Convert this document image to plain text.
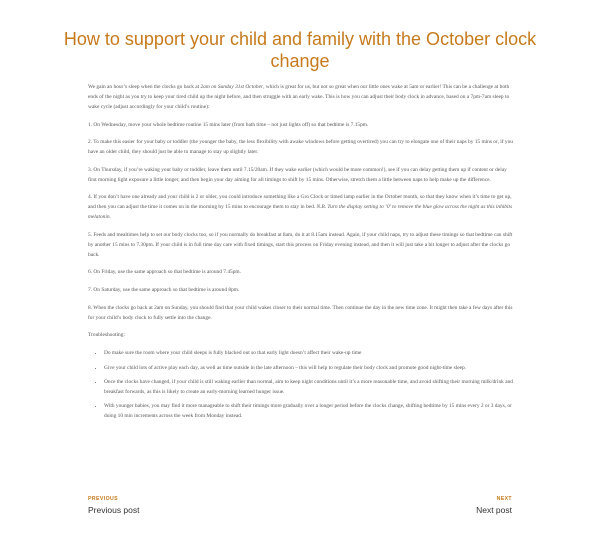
How to support your child and family with the October clock change

We gain an hour’s sleep when the clocks go back at 2am on Sunday 31st October, which is great for us, but not so great when our little ones wake at 5am or earlier! This can be a challenge at both ends of the night as you try to keep your tired child up the night before, and then struggle with an early wake. This is how you can adjust their body clock in advance, based on a 7pm-7am sleep to wake cycle (adjust accordingly for your child’s routine):

1. On Wednesday, move your whole bedtime routine 15 mins later (from bath time – not just lights off) so that bedtime is 7.15pm.

2. To make this easier for your baby or toddler (the younger the baby, the less flexibility with awake windows before getting overtired) you can try to elongate one of their naps by 15 mins or, if you have an older child, they should just be able to manage to stay up slightly later.

3. On Thursday, if you’re waking your baby or toddler, leave them until 7.15/20am. If they wake earlier (which would be more common!), see if you can delay getting them up if content or delay first morning light exposure a little longer, and then begin your day aiming for all timings to shift by 15 mins. Otherwise, stretch them a little between naps to help make up the difference.

4. If you don’t have one already and your child is 2 or older, you could introduce something like a Gro Clock or timed lamp earlier in the October month, so that they know when it’s time to get up, and then you can adjust the time it comes on in the morning by 15 mins to encourage them to stay in bed. N.B. Turn the display setting to ‘0’ to remove the blue glow across the night as this inhibits melatonin.

5. Feeds and mealtimes help to set our body clocks too, so if you normally do breakfast at 8am, do it at 8.15am instead. Again, if your child naps, try to adjust these timings so that bedtime can shift by another 15 mins to 7.30pm. If your child is in full time day care with fixed timings, start this process on Friday evening instead, and then it will just take a bit longer to adjust after the clocks go back.

6. On Friday, use the same approach so that bedtime is around 7.45pm.

7. On Saturday, use the same approach so that bedtime is around 8pm.

8. When the clocks go back at 2am on Sunday, you should find that your child wakes closer to their normal time. Then continue the day in the new time zone. It might then take a few days after this for your child’s body clock to fully settle into the change.

Troubleshooting:

• Do make sure the room where your child sleeps is fully blacked out so that early light doesn’t affect their wake-up time
• Give your child lots of active play each day, as well as time outside in the late afternoon – this will help to regulate their body clock and promote good night-time sleep.
• Once the clocks have changed, if your child is still waking earlier than normal, aim to keep night conditions until it’s a more reasonable time, and avoid shifting their morning milk/drink and breakfast forwards, as this is likely to create an early-morning learned hunger issue.
• With younger babies, you may find it more manageable to shift their timings more gradually over a longer period before the clocks change, shifting bedtime by 15 mins every 2 or 3 days, or doing 10 min increments across the week from Monday instead.
PREVIOUS
Previous post
NEXT
Next post
